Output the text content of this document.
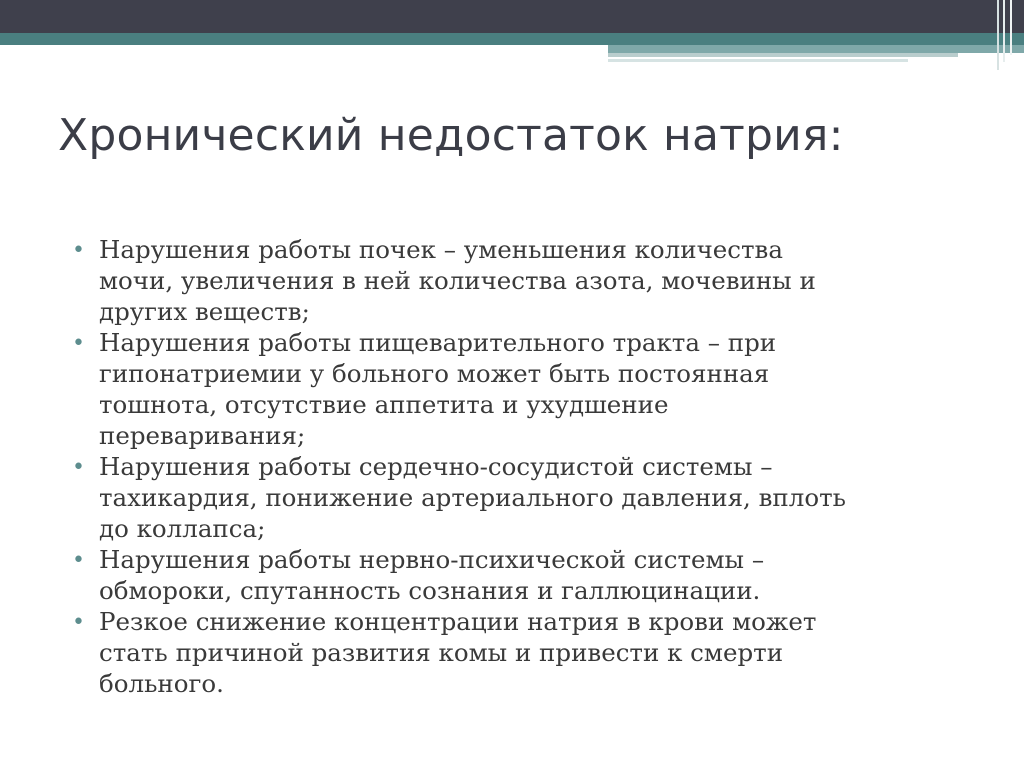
Хронический недостаток натрия:
• Нарушения работы почек – уменьшения количества
мочи, увеличения в ней количества азота, мочевины и
других веществ;
• Нарушения работы пищеварительного тракта – при
гипонатриемии у больного может быть постоянная
тошнота, отсутствие аппетита и ухудшение
переваривания;
• Нарушения работы сердечно-сосудистой системы –
тахикардия, понижение артериального давления, вплоть
до коллапса;
• Нарушения работы нервно-психической системы –
обмороки, спутанность сознания и галлюцинации.
• Резкое снижение концентрации натрия в крови может
стать причиной развития комы и привести к смерти
больного.
